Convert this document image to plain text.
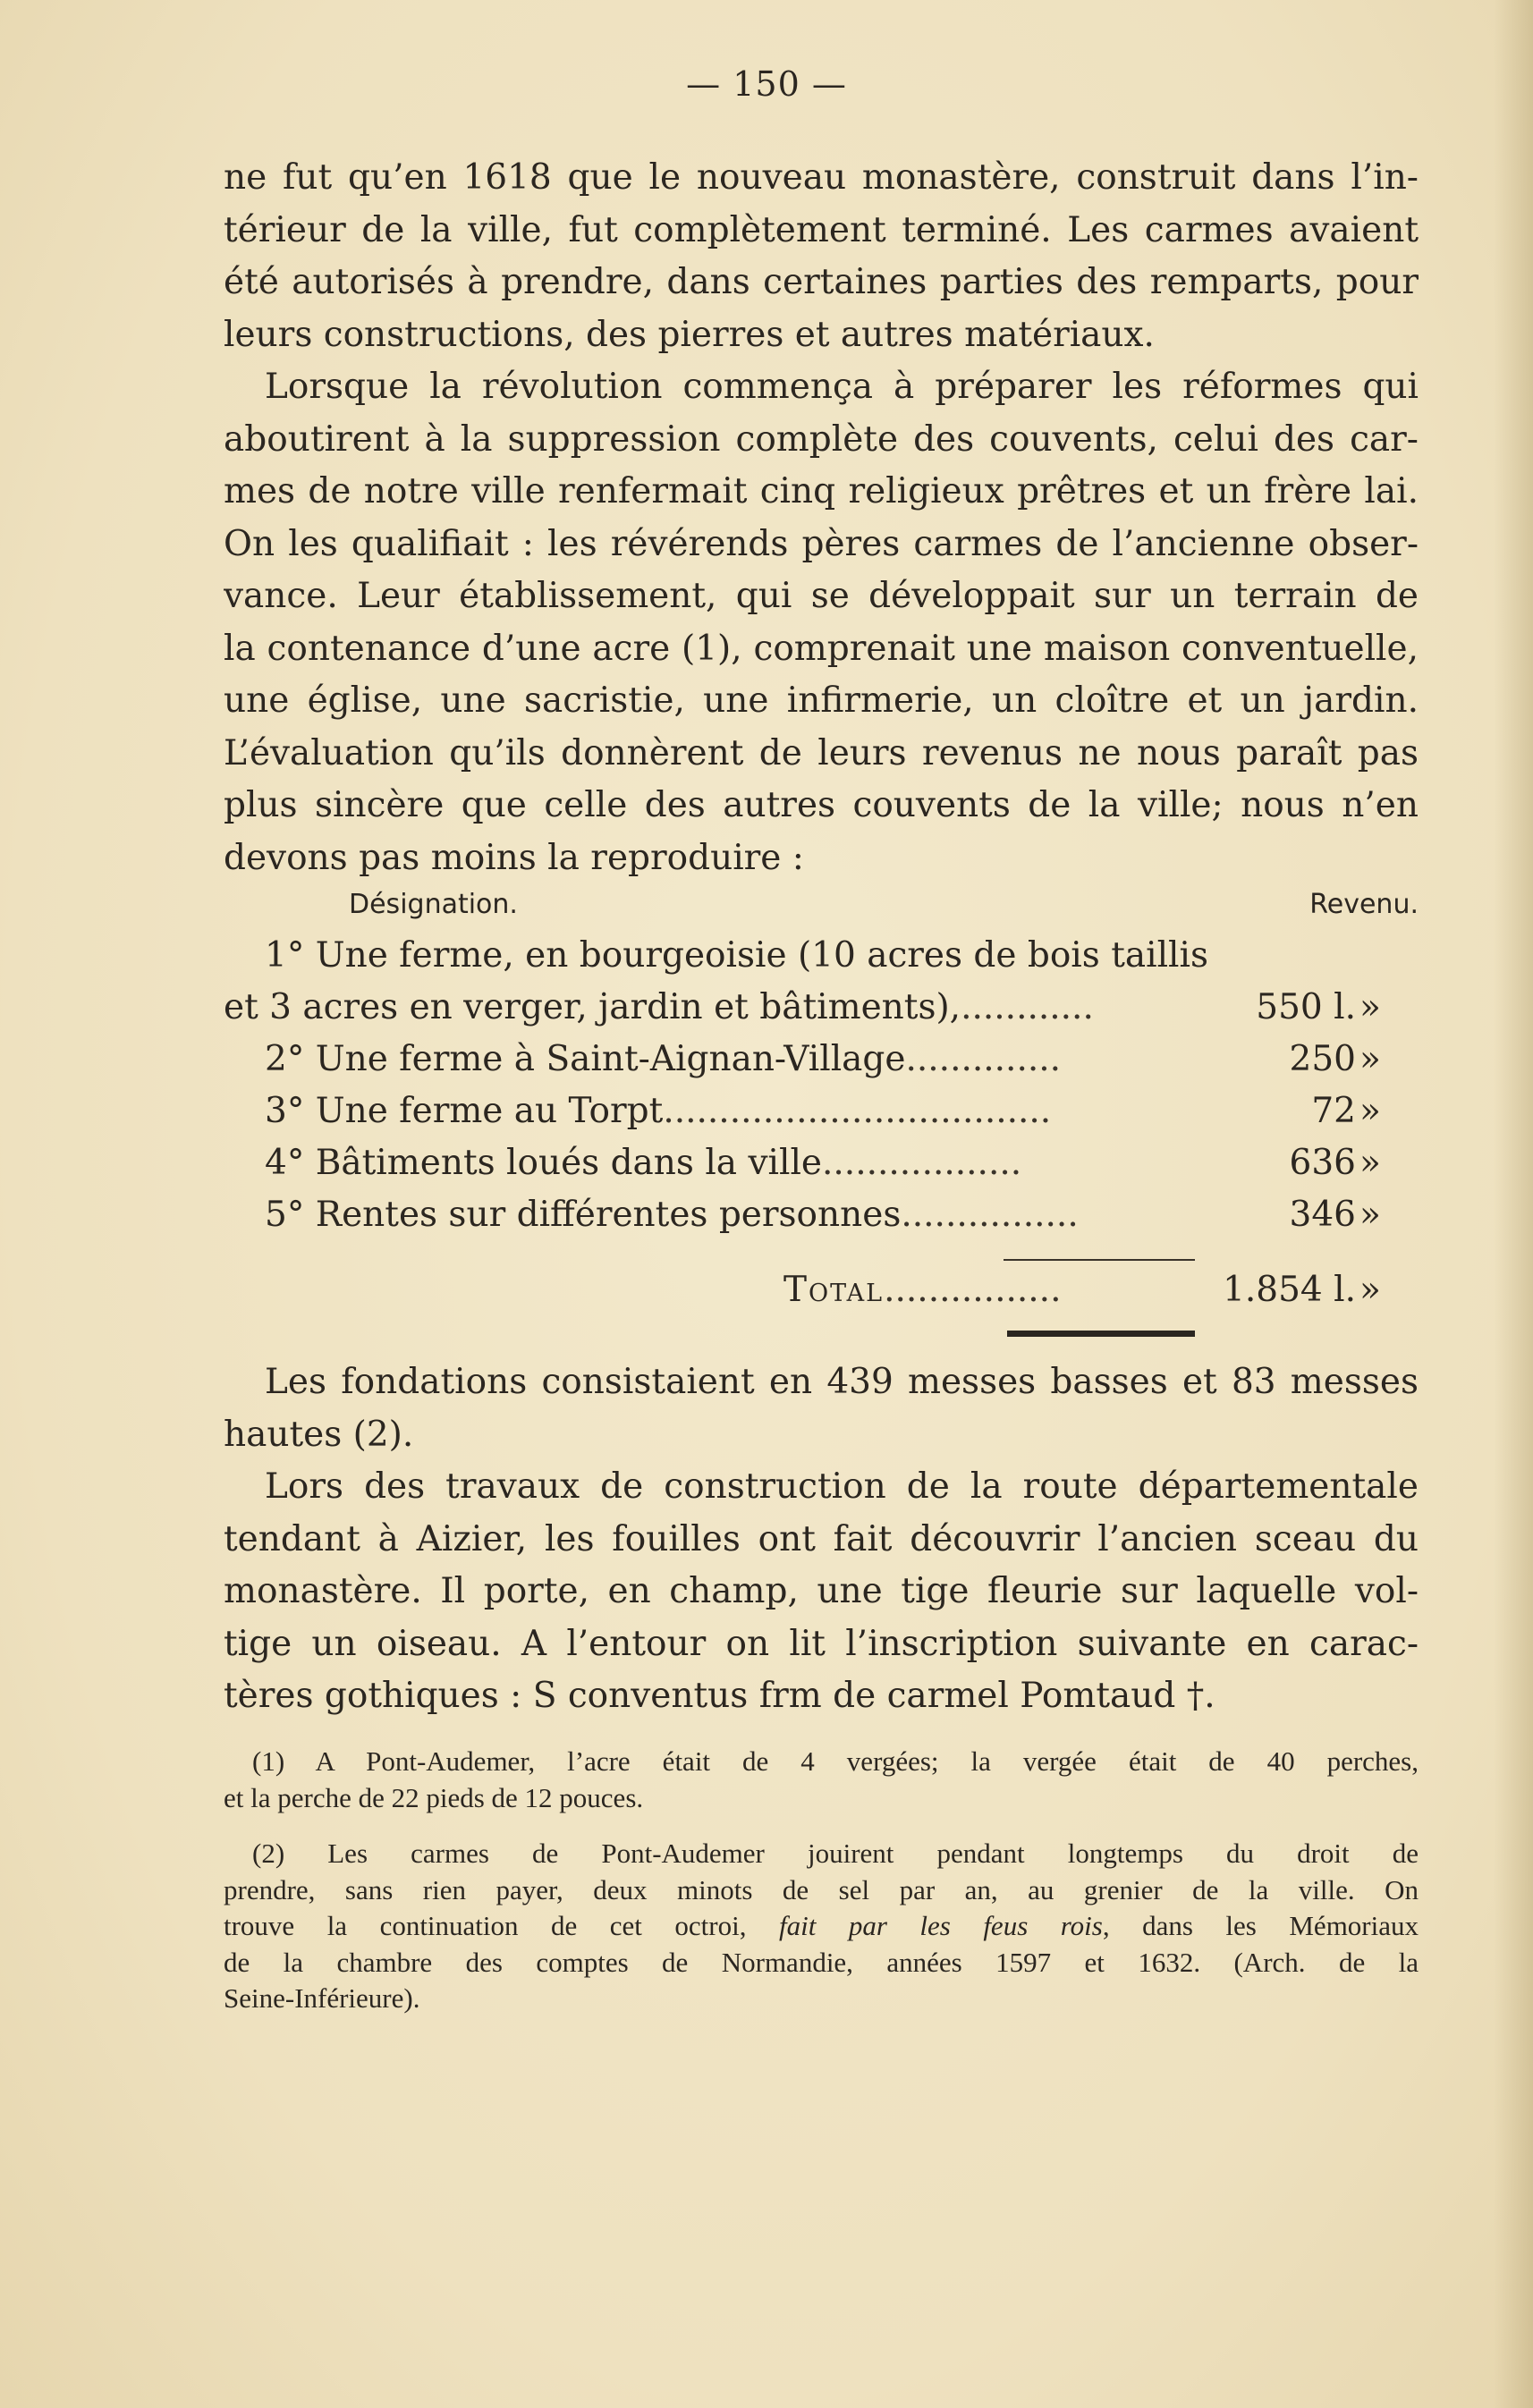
— 150 —
ne fut qu’en 1618 que le nouveau monastère, construit dans l’in-
térieur de la ville, fut complètement terminé. Les carmes avaient
été autorisés à prendre, dans certaines parties des remparts, pour
leurs constructions, des pierres et autres matériaux.
Lorsque la révolution commença à préparer les réformes qui
aboutirent à la suppression complète des couvents, celui des car-
mes de notre ville renfermait cinq religieux prêtres et un frère lai.
On les qualifiait : les révérends pères carmes de l’ancienne obser-
vance. Leur établissement, qui se développait sur un terrain de
la contenance d’une acre (1), comprenait une maison conventuelle,
une église, une sacristie, une infirmerie, un cloître et un jardin.
L’évaluation qu’ils donnèrent de leurs revenus ne nous paraît pas
plus sincère que celle des autres couvents de la ville; nous n’en
devons pas moins la reproduire :
Désignation.	Revenu.
1° Une ferme, en bourgeoisie (10 acres de bois taillis
et 3 acres en verger, jardin et bâtiments),............	550 l. »
2° Une ferme à Saint-Aignan-Village..............	250 »
3° Une ferme au Torpt...................................	72 »
4° Bâtiments loués dans la ville..................	636 »
5° Rentes sur différentes personnes................	346 »
Total................	1.854 l. »
Les fondations consistaient en 439 messes basses et 83 messes
hautes (2).
Lors des travaux de construction de la route départementale
tendant à Aizier, les fouilles ont fait découvrir l’ancien sceau du
monastère. Il porte, en champ, une tige fleurie sur laquelle vol-
tige un oiseau. A l’entour on lit l’inscription suivante en carac-
tères gothiques : S conventus frm de carmel Pomtaud †.
(1) A Pont-Audemer, l’acre était de 4 vergées; la vergée était de 40 perches,
et la perche de 22 pieds de 12 pouces.
(2) Les carmes de Pont-Audemer jouirent pendant longtemps du droit de
prendre, sans rien payer, deux minots de sel par an, au grenier de la ville. On
trouve la continuation de cet octroi, fait par les feus rois, dans les Mémoriaux
de la chambre des comptes de Normandie, années 1597 et 1632. (Arch. de la
Seine-Inférieure).
